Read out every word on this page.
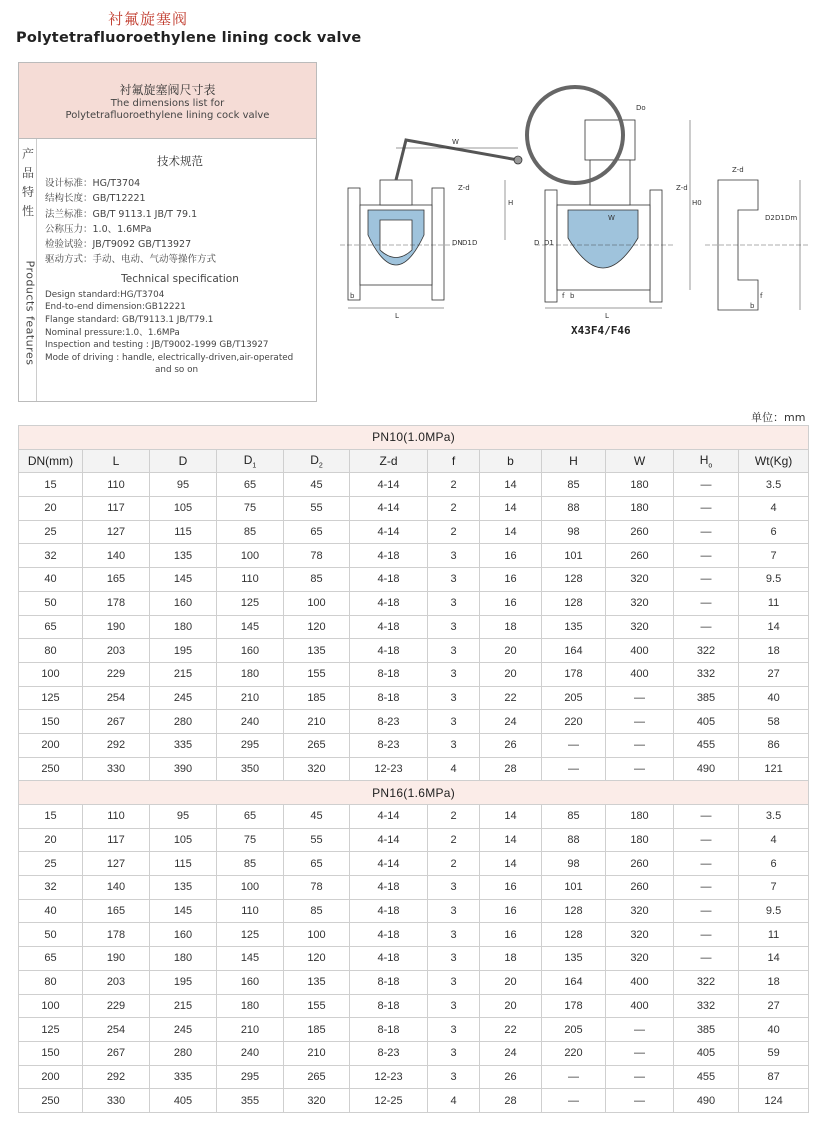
衬氟旋塞阀
Polytetrafluoroethylene lining cock valve
衬氟旋塞阀尺寸表
The dimensions list for
Polytetrafluoroethylene lining cock valve
产
品
特
性
Products features
技术规范
设计标准：HG/T3704
结构长度：GB/T12221
法兰标准：GB/T 9113.1 JB/T 79.1
公称压力：1.0、1.6MPa
检验试验：JB/T9092 GB/T13927
驱动方式：手动、电动、气动等操作方式
Technical specification
Design standard:HG/T3704
End-to-end dimension:GB12221
Flange standard: GB/T9113.1 JB/T79.1
Nominal pressure:1.0、1.6MPa
Inspection and testing : JB/T9002-1999 GB/T13927
Mode of driving : handle, electrically-driven,air-operated
and so on
W
H
Z-d
DN D1 D
b
L
H0
Z-d
D D1
Do
W
f b
L
Z-d
D2 D1 Dm
f
b
X43F4/F46
单位：mm
PN10(1.0MPa)											
DN(mm)	L	D	$D_1$	$D_2$	Z-d	f	b	H	W	$H_o$	Wt(Kg)
15	110	95	65	45	4-14	2	14	85	180	—	3.5
20	117	105	75	55	4-14	2	14	88	180	—	4
25	127	115	85	65	4-14	2	14	98	260	—	6
32	140	135	100	78	4-18	3	16	101	260	—	7
40	165	145	110	85	4-18	3	16	128	320	—	9.5
50	178	160	125	100	4-18	3	16	128	320	—	11
65	190	180	145	120	4-18	3	18	135	320	—	14
80	203	195	160	135	4-18	3	20	164	400	322	18
100	229	215	180	155	8-18	3	20	178	400	332	27
125	254	245	210	185	8-18	3	22	205	—	385	40
150	267	280	240	210	8-23	3	24	220	—	405	58
200	292	335	295	265	8-23	3	26	—	—	455	86
250	330	390	350	320	12-23	4	28	—	—	490	121
PN16(1.6MPa)											
15	110	95	65	45	4-14	2	14	85	180	—	3.5
20	117	105	75	55	4-14	2	14	88	180	—	4
25	127	115	85	65	4-14	2	14	98	260	—	6
32	140	135	100	78	4-18	3	16	101	260	—	7
40	165	145	110	85	4-18	3	16	128	320	—	9.5
50	178	160	125	100	4-18	3	16	128	320	—	11
65	190	180	145	120	4-18	3	18	135	320	—	14
80	203	195	160	135	8-18	3	20	164	400	322	18
100	229	215	180	155	8-18	3	20	178	400	332	27
125	254	245	210	185	8-18	3	22	205	—	385	40
150	267	280	240	210	8-23	3	24	220	—	405	59
200	292	335	295	265	12-23	3	26	—	—	455	87
250	330	405	355	320	12-25	4	28	—	—	490	124
